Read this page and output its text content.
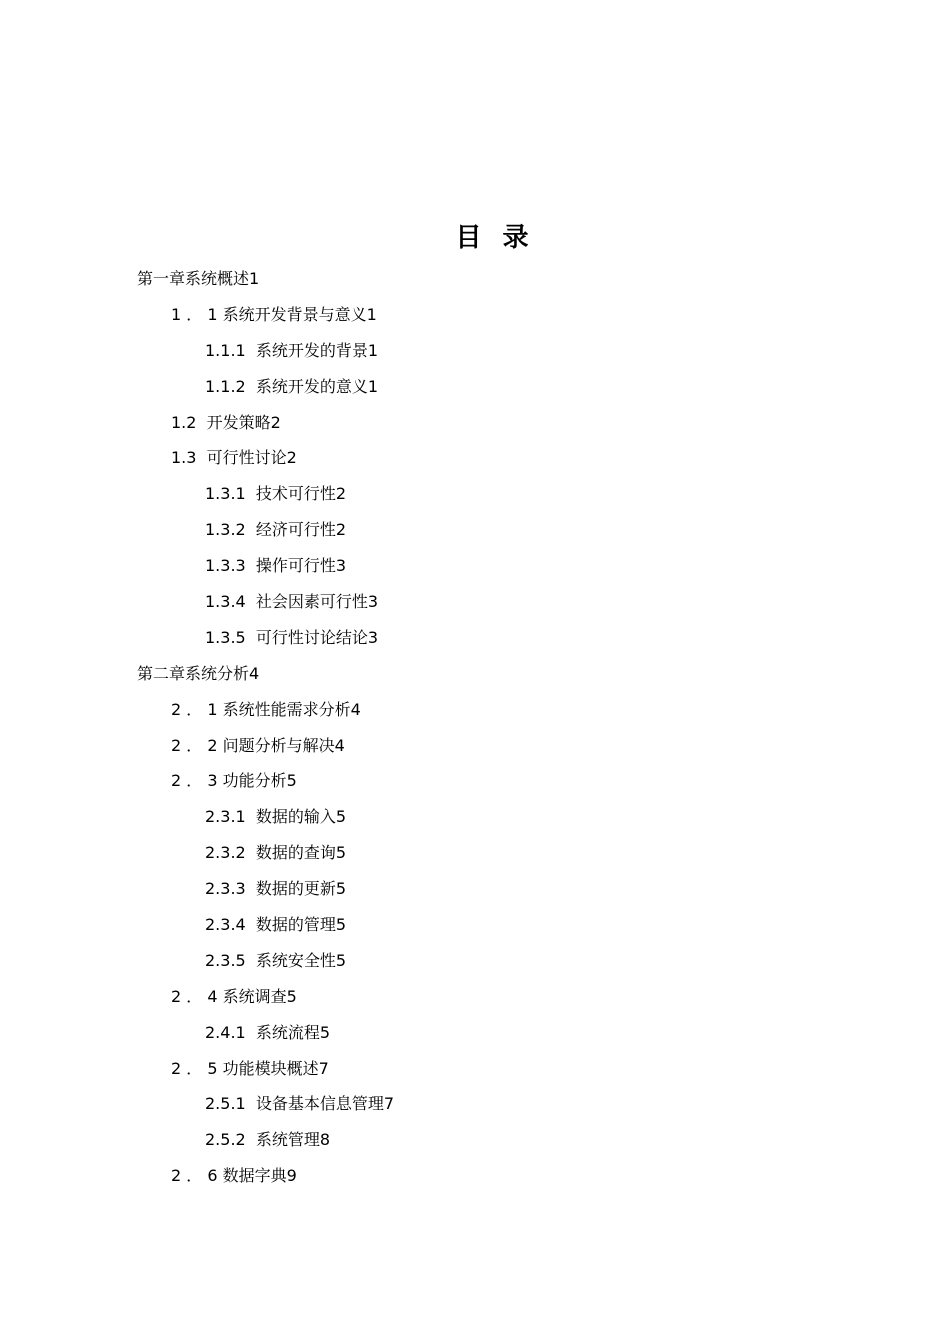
目 录
第一章系统概述1
1 ． 1 系统开发背景与意义1
1.1.1  系统开发的背景1
1.1.2  系统开发的意义1
1.2  开发策略2
1.3  可行性讨论2
1.3.1  技术可行性2
1.3.2  经济可行性2
1.3.3  操作可行性3
1.3.4  社会因素可行性3
1.3.5  可行性讨论结论3
第二章系统分析4
2 ． 1 系统性能需求分析4
2 ． 2 问题分析与解决4
2 ． 3 功能分析5
2.3.1  数据的输入5
2.3.2  数据的查询5
2.3.3  数据的更新5
2.3.4  数据的管理5
2.3.5  系统安全性5
2 ． 4 系统调查5
2.4.1  系统流程5
2 ． 5 功能模块概述7
2.5.1  设备基本信息管理7
2.5.2  系统管理8
2 ． 6 数据字典9
